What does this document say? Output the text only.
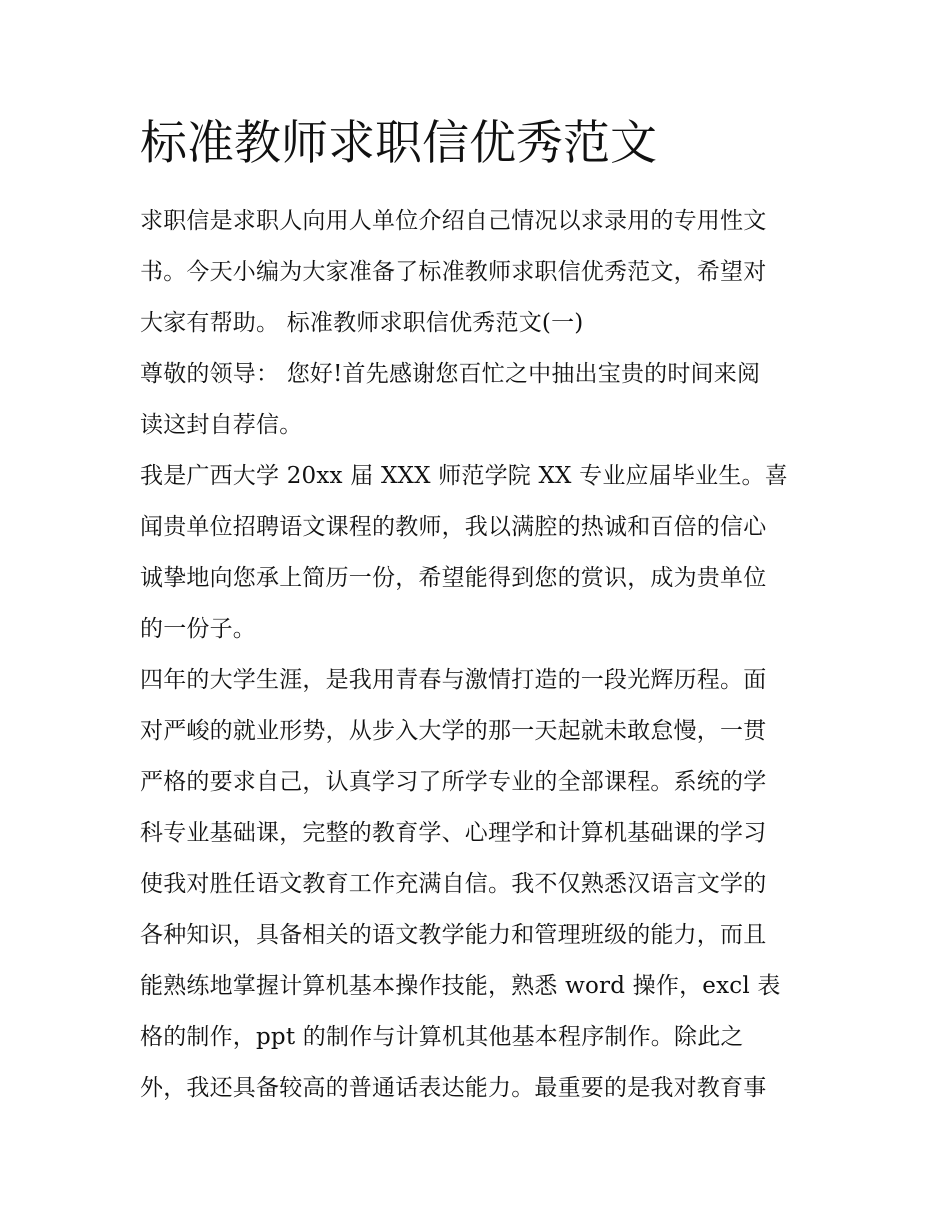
标准教师求职信优秀范文
求职信是求职人向用人单位介绍自己情况以求录用的专用性文
书。今天小编为大家准备了标准教师求职信优秀范文，希望对
大家有帮助。 标准教师求职信优秀范文(一)
尊敬的领导： 您好!首先感谢您百忙之中抽出宝贵的时间来阅
读这封自荐信。
我是广西大学 20xx 届 XXX 师范学院 XX 专业应届毕业生。喜
闻贵单位招聘语文课程的教师，我以满腔的热诚和百倍的信心
诚挚地向您承上简历一份，希望能得到您的赏识，成为贵单位
的一份子。
四年的大学生涯，是我用青春与激情打造的一段光辉历程。面
对严峻的就业形势，从步入大学的那一天起就未敢怠慢，一贯
严格的要求自己，认真学习了所学专业的全部课程。系统的学
科专业基础课，完整的教育学、心理学和计算机基础课的学习
使我对胜任语文教育工作充满自信。我不仅熟悉汉语言文学的
各种知识，具备相关的语文教学能力和管理班级的能力，而且
能熟练地掌握计算机基本操作技能，熟悉 word 操作，excl 表
格的制作，ppt 的制作与计算机其他基本程序制作。除此之
外，我还具备较高的普通话表达能力。最重要的是我对教育事
